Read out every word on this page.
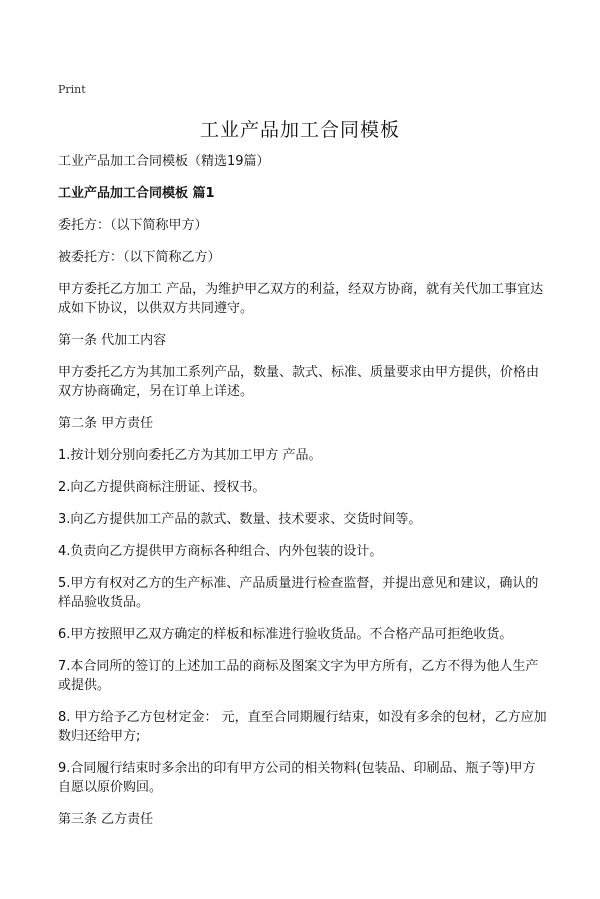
Print
工业产品加工合同模板

工业产品加工合同模板（精选19篇）

工业产品加工合同模板 篇1

委托方：（以下简称甲方）

被委托方：（以下简称乙方）

甲方委托乙方加工 产品，为维护甲乙双方的利益，经双方协商，就有关代加工事宜达成如下协议，以供双方共同遵守。

第一条 代加工内容

甲方委托乙方为其加工系列产品，数量、款式、标准、质量要求由甲方提供，价格由双方协商确定，另在订单上详述。

第二条 甲方责任

1.按计划分别向委托乙方为其加工甲方 产品。

2.向乙方提供商标注册证、授权书。

3.向乙方提供加工产品的款式、数量、技术要求、交货时间等。

4.负责向乙方提供甲方商标各种组合、内外包装的设计。

5.甲方有权对乙方的生产标准、产品质量进行检查监督，并提出意见和建议，确认的样品验收货品。

6.甲方按照甲乙双方确定的样板和标准进行验收货品。不合格产品可拒绝收货。

7.本合同所的签订的上述加工品的商标及图案文字为甲方所有，乙方不得为他人生产或提供。

8. 甲方给予乙方包材定金： 元，直至合同期履行结束，如没有多余的包材，乙方应加数归还给甲方;

9.合同履行结束时多余出的印有甲方公司的相关物料(包装品、印刷品、瓶子等)甲方自愿以原价购回。

第三条 乙方责任
